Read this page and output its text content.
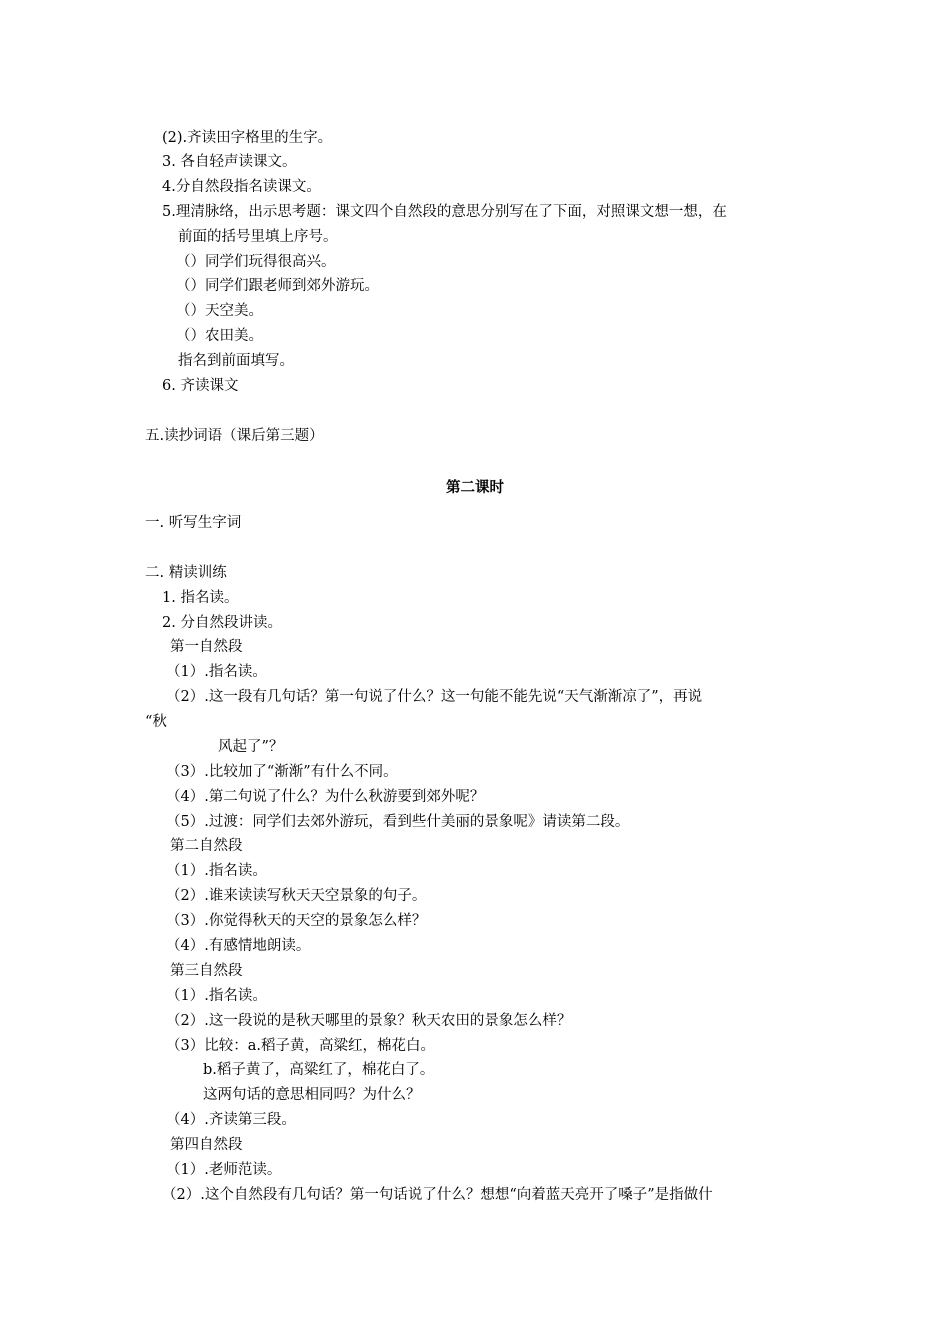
(2).齐读田字格里的生字。
3. 各自轻声读课文。
4.分自然段指名读课文。
5.理清脉络，出示思考题：课文四个自然段的意思分别写在了下面，对照课文想一想，在
前面的括号里填上序号。
（）同学们玩得很高兴。
（）同学们跟老师到郊外游玩。
（）天空美。
（）农田美。
指名到前面填写。
6. 齐读课文
五.读抄词语（课后第三题）
第二课时
一. 听写生字词
二. 精读训练
1. 指名读。
2. 分自然段讲读。
第一自然段
（1）.指名读。
（2）.这一段有几句话？第一句说了什么？这一句能不能先说“天气渐渐凉了”，再说
“秋
风起了”？
（3）.比较加了“渐渐”有什么不同。
（4）.第二句说了什么？为什么秋游要到郊外呢？
（5）.过渡：同学们去郊外游玩，看到些什美丽的景象呢》请读第二段。
第二自然段
（1）.指名读。
（2）.谁来读读写秋天天空景象的句子。
（3）.你觉得秋天的天空的景象怎么样？
（4）.有感情地朗读。
第三自然段
（1）.指名读。
（2）.这一段说的是秋天哪里的景象？秋天农田的景象怎么样？
（3）比较：a.稻子黄，高粱红，棉花白。
b.稻子黄了，高粱红了，棉花白了。
这两句话的意思相同吗？为什么？
（4）.齐读第三段。
第四自然段
（1）.老师范读。
（2）.这个自然段有几句话？第一句话说了什么？想想“向着蓝天亮开了嗓子”是指做什
